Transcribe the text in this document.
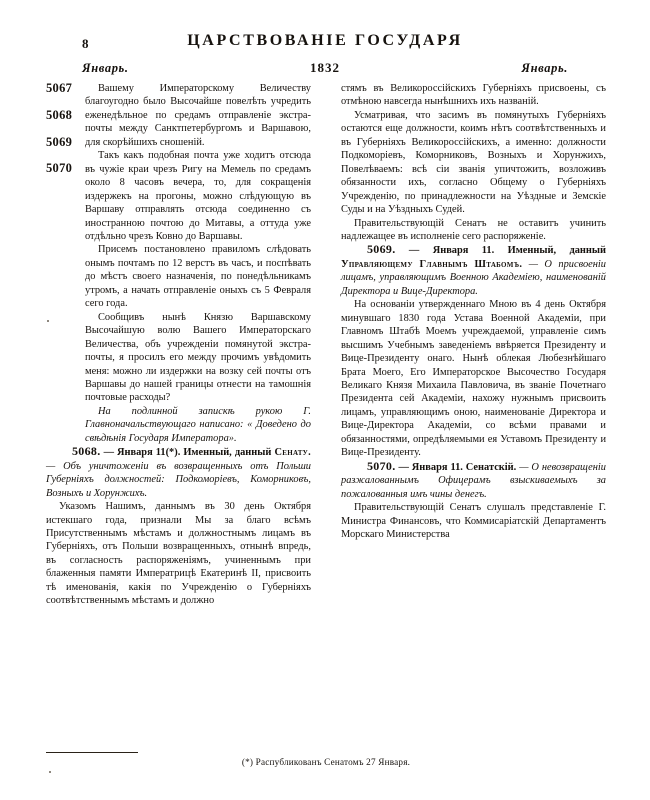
8	ЦАРСТВОВАНIЕ ГОСУДАРЯ
Январь.	1832	Январь.
5067
5068
5069
5070

Вашему Императорскому Величеству благоугодно было Высочайше повелѣть учредить еженедѣльное по средамъ отправленіе экстра-почты между Санктпетербургомъ и Варшавою, для скорѣйшихъ сношеній.

Такъ какъ подобная почта уже ходитъ отсюда въ чужіе краи чрезъ Ригу на Мемель по средамъ около 8 часовъ вечера, то, для сокращенія издержекъ на прогоны, можно слѣдующую въ Варшаву отправлять отсюда соединенно съ иностранною почтою до Митавы, а оттуда уже отдѣльно чрезъ Ковно до Варшавы.

Присемъ постановлено правиломъ слѣдовать онымъ почтамъ по 12 верстъ въ часъ, и поспѣвать до мѣстъ своего назначенія, по понедѣльникамъ утромъ, а начать отправленіе оныхъ съ 5 Февраля сего года.

Сообщивъ нынѣ Князю Варшавскому Высочайшую волю Вашего Императорскаго Величества, объ учрежденіи помянутой экстра-почты, я просилъ его между прочимъ увѣдомить меня: можно ли издержки на возку сей почты отъ Варшавы до нашей границы отнести на тамошнія почтовые расходы?

На подлинной запискѣ рукою Г. Главноначальствующаго написано: « Доведено до свѣдѣнія Государя Императора».

5068. — Января 11(*). Именный, данный Сенату. — Объ уничтоженіи въ возвращенныхъ отъ Польши Губерніяхъ должностей: Подкоморіевъ, Коморниковъ, Возныхъ и Хорунжихъ.

Указомъ Нашимъ, даннымъ въ 30 день Октября истекшаго года, признали Мы за благо всѣмъ Присутственнымъ мѣстамъ и должностнымъ лицамъ въ Губерніяхъ, отъ Польши возвращенныхъ, отнынѣ впредь, въ согласность распоряженіямъ, учиненнымъ при блаженныя памяти Императрицѣ Екатеринѣ II, присвоить тѣ именованія, какія по Учрежденію о Губерніяхъ соотвѣтственнымъ мѣстамъ и должно

стямъ въ Великороссійскихъ Губерніяхъ присвоены, съ отмѣною навсегда нынѣшнихъ ихъ названій.

Усматривая, что засимъ въ помянутыхъ Губерніяхъ остаются еще должности, коимъ нѣтъ соотвѣтственныхъ и въ Губерніяхъ Великороссійскихъ, а именно: должности Подкоморіевъ, Коморниковъ, Возныхъ и Хорунжихъ, Повелѣваемъ: всѣ сіи званія упичтожить, возложивъ обязанности ихъ, согласно Общему о Губерніяхъ Учрежденію, по принадлежности на Уѣздные и Земскіе Суды и на Уѣздныхъ Судей.

Правительствующій Сенатъ не оставитъ учинить надлежащее въ исполненіе сего распоряженіе.

5069. — Января 11. Именный, данный Управляющему Главнымъ Штабомъ. — О присвоеніи лицамъ, управляющимъ Военною Академіею, наименованій Директора и Вице-Директора.

На основаніи утвержденнаго Мною въ 4 день Октября минувшаго 1830 года Устава Военной Академіи, при Главномъ Штабѣ Моемъ учреждаемой, управленіе симъ высшимъ Учебнымъ заведеніемъ ввѣряется Президенту и Вице-Президенту онаго. Нынѣ облекая Любезнѣйшаго Брата Моего, Его Императорское Высочество Государя Великаго Князя Михаила Павловича, въ званіе Почетнаго Президента сей Академіи, нахожу нужнымъ присвоить лицамъ, управляющимъ оною, наименованіе Директора и Вице-Директора Академіи, со всѣми правами и обязанностями, опредѣляемыми ея Уставомъ Президенту и Вице-Президенту.

5070. — Января 11. Сенатскій. — О невозвращеніи разжалованнымъ Офицерамъ взыскиваемыхъ за пожалованныя имъ чины денегъ.

Правительствующій Сенатъ слушалъ представленіе Г. Министра Финансовъ, что Коммисаріатскій Департаментъ Морскаго Министерства

(*) Распубликованъ Сенатомъ 27 Января.
